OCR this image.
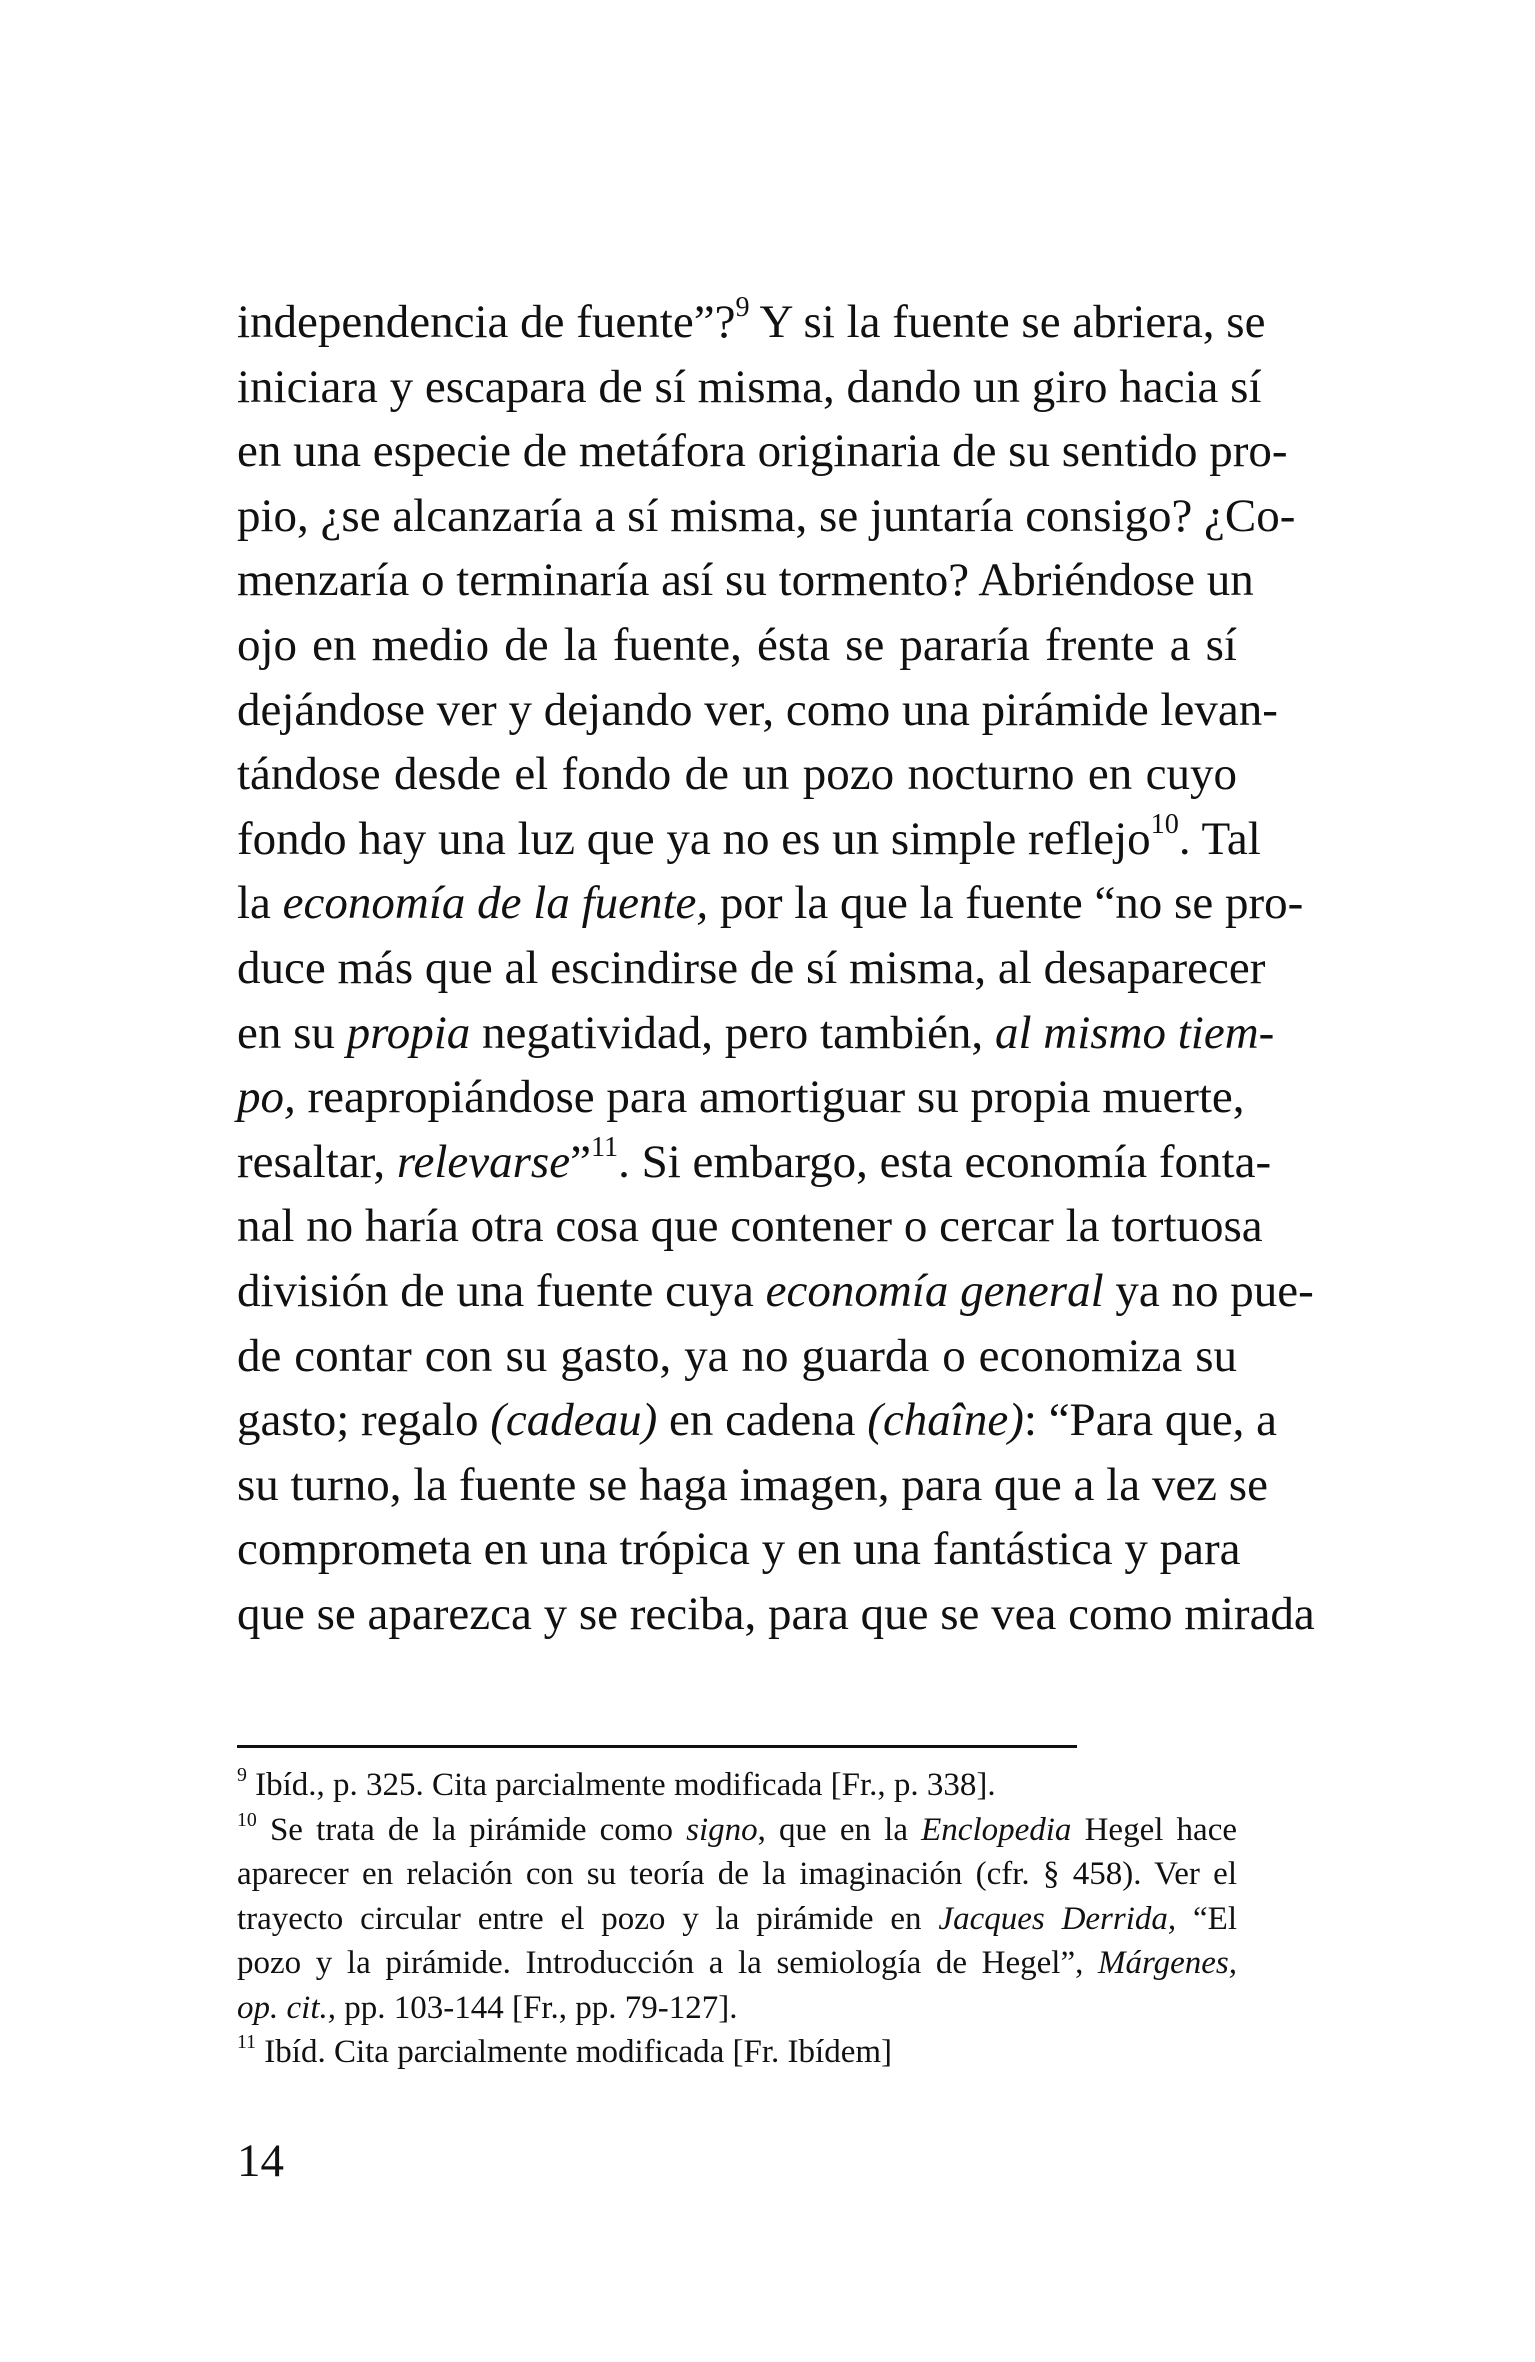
independencia de fuente”?$^9$ Y si la fuente se abriera, se
iniciara y escapara de sí misma, dando un giro hacia sí
en una especie de metáfora originaria de su sentido pro-
pio, ¿se alcanzaría a sí misma, se juntaría consigo? ¿Co-
menzaría o terminaría así su tormento? Abriéndose un
ojo en medio de la fuente, ésta se pararía frente a sí
dejándose ver y dejando ver, como una pirámide levan-
tándose desde el fondo de un pozo nocturno en cuyo
fondo hay una luz que ya no es un simple reflejo$^{10}$. Tal
la economía de la fuente, por la que la fuente “no se pro-
duce más que al escindirse de sí misma, al desaparecer
en su propia negatividad, pero también, al mismo tiem-
po, reapropiándose para amortiguar su propia muerte,
resaltar, relevarse”$^{11}$. Si embargo, esta economía fonta-
nal no haría otra cosa que contener o cercar la tortuosa
división de una fuente cuya economía general ya no pue-
de contar con su gasto, ya no guarda o economiza su
gasto; regalo (cadeau) en cadena (chaîne): “Para que, a
su turno, la fuente se haga imagen, para que a la vez se
comprometa en una trópica y en una fantástica y para
que se aparezca y se reciba, para que se vea como mirada
$^9$ Ibíd., p. 325. Cita parcialmente modificada [Fr., p. 338].
$^{10}$ Se trata de la pirámide como signo, que en la Enclopedia Hegel hace
aparecer en relación con su teoría de la imaginación (cfr. § 458). Ver el
trayecto circular entre el pozo y la pirámide en Jacques Derrida, “El
pozo y la pirámide. Introducción a la semiología de Hegel”, Márgenes,
op. cit., pp. 103-144 [Fr., pp. 79-127].
$^{11}$ Ibíd. Cita parcialmente modificada [Fr. Ibídem]
14
